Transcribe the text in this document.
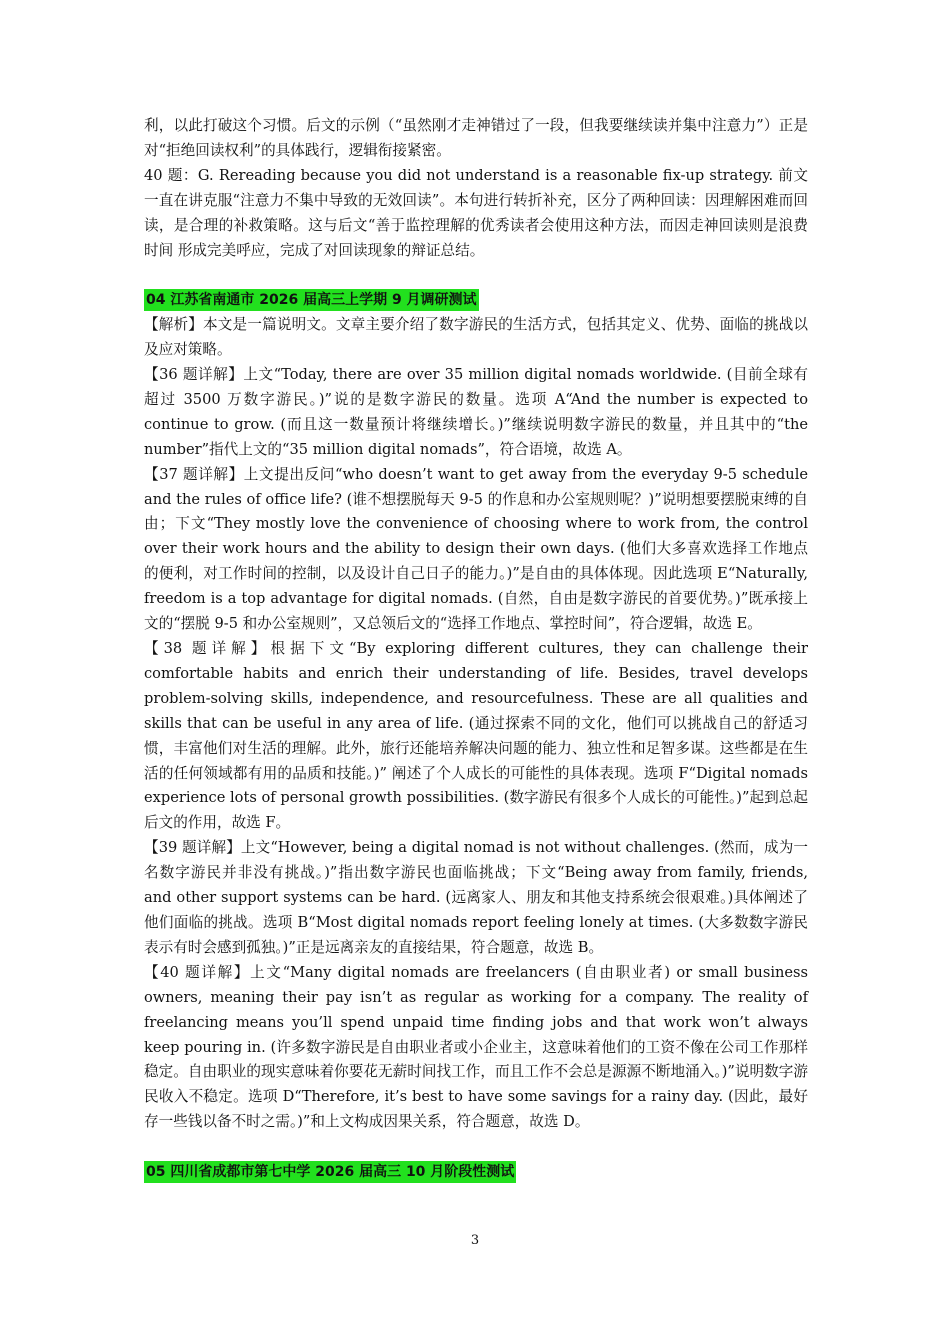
利，以此打破这个习惯。后文的示例（“虽然刚才走神错过了一段，但我要继续读并集中注意力”）正是对“拒绝回读权利”的具体践行，逻辑衔接紧密。

40 题：G. Rereading because you did not understand is a reasonable fix-up strategy. 前文一直在讲克服“注意力不集中导致的无效回读”。本句进行转折补充，区分了两种回读：因理解困难而回读，是合理的补救策略。这与后文“善于监控理解的优秀读者会使用这种方法，而因走神回读则是浪费时间 形成完美呼应，完成了对回读现象的辩证总结。

04 江苏省南通市 2026 届高三上学期 9 月调研测试

【解析】本文是一篇说明文。文章主要介绍了数字游民的生活方式，包括其定义、优势、面临的挑战以及应对策略。

【36 题详解】上文“Today, there are over 35 million digital nomads worldwide. (目前全球有超过 3500 万数字游民。)”说的是数字游民的数量。选项 A“And the number is expected to continue to grow. (而且这一数量预计将继续增长。)”继续说明数字游民的数量，并且其中的“the number”指代上文的“35 million digital nomads”，符合语境，故选 A。

【37 题详解】上文提出反问“who doesn’t want to get away from the everyday 9-5 schedule and the rules of office life? (谁不想摆脱每天 9-5 的作息和办公室规则呢？)”说明想要摆脱束缚的自由；下文“They mostly love the convenience of choosing where to work from, the control over their work hours and the ability to design their own days. (他们大多喜欢选择工作地点的便利，对工作时间的控制，以及设计自己日子的能力。)”是自由的具体体现。因此选项 E“Naturally, freedom is a top advantage for digital nomads. (自然，自由是数字游民的首要优势。)”既承接上文的“摆脱 9-5 和办公室规则”，又总领后文的“选择工作地点、掌控时间”，符合逻辑，故选 E。

【38 题详解】根据下文“By exploring different cultures, they can challenge their comfortable habits and enrich their understanding of life. Besides, travel develops problem-solving skills, independence, and resourcefulness. These are all qualities and skills that can be useful in any area of life. (通过探索不同的文化，他们可以挑战自己的舒适习惯，丰富他们对生活的理解。此外，旅行还能培养解决问题的能力、独立性和足智多谋。这些都是在生活的任何领域都有用的品质和技能。)” 阐述了个人成长的可能性的具体表现。选项 F“Digital nomads experience lots of personal growth possibilities. (数字游民有很多个人成长的可能性。)”起到总起后文的作用，故选 F。

【39 题详解】上文“However, being a digital nomad is not without challenges. (然而，成为一名数字游民并非没有挑战。)”指出数字游民也面临挑战；下文“Being away from family, friends, and other support systems can be hard. (远离家人、朋友和其他支持系统会很艰难。)具体阐述了他们面临的挑战。选项 B“Most digital nomads report feeling lonely at times. (大多数数字游民表示有时会感到孤独。)”正是远离亲友的直接结果，符合题意，故选 B。

【40 题详解】上文“Many digital nomads are freelancers (自由职业者) or small business owners, meaning their pay isn’t as regular as working for a company. The reality of freelancing means you’ll spend unpaid time finding jobs and that work won’t always keep pouring in. (许多数字游民是自由职业者或小企业主，这意味着他们的工资不像在公司工作那样稳定。自由职业的现实意味着你要花无薪时间找工作，而且工作不会总是源源不断地涌入。)”说明数字游民收入不稳定。选项 D“Therefore, it’s best to have some savings for a rainy day. (因此，最好存一些钱以备不时之需。)”和上文构成因果关系，符合题意，故选 D。

05 四川省成都市第七中学 2026 届高三 10 月阶段性测试
3
